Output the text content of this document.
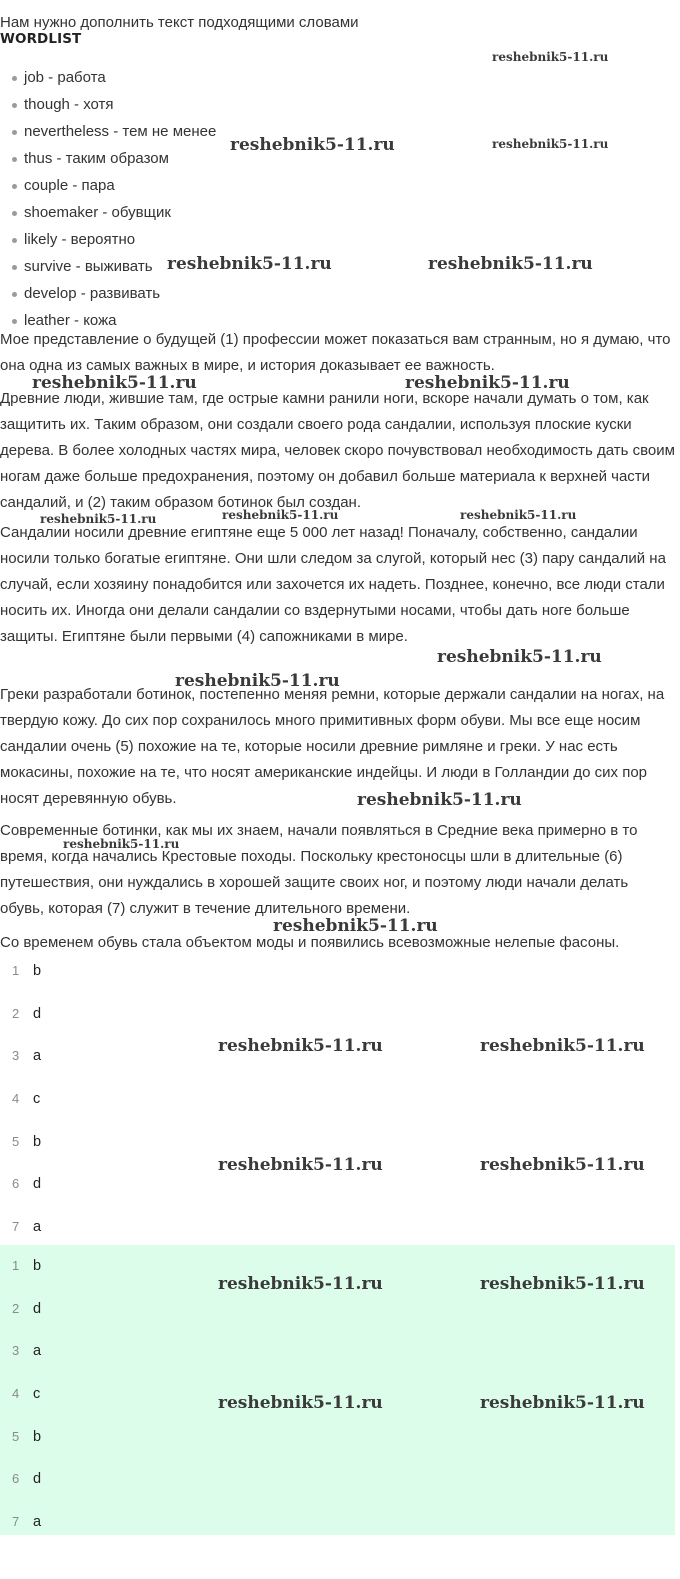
Нам нужно дополнить текст подходящими словами
WORDLIST
job - работа
though - хотя
nevertheless - тем не менее
thus - таким образом
couple - пара
shoemaker - обувщик
likely - вероятно
survive - выживать
develop - развивать
leather - кожа
Мое представление о будущей (1) профессии может показаться вам странным, но я думаю, что она одна из самых важных в мире, и история доказывает ее важность.
Древние люди, жившие там, где острые камни ранили ноги, вскоре начали думать о том, как защитить их. Таким образом, они создали своего рода сандалии, используя плоские куски дерева. В более холодных частях мира, человек скоро почувствовал необходимость дать своим ногам даже больше предохранения, поэтому он добавил больше материала к верхней части сандалий, и (2) таким образом ботинок был создан.
Сандалии носили древние египтяне еще 5 000 лет назад! Поначалу, собственно, сандалии носили только богатые египтяне. Они шли следом за слугой, который нес (3) пару сандалий на случай, если хозяину понадобится или захочется их надеть. Позднее, конечно, все люди стали носить их. Иногда они делали сандалии со вздернутыми носами, чтобы дать ноге больше защиты. Египтяне были первыми (4) сапожниками в мире.
Греки разработали ботинок, постепенно меняя ремни, которые держали сандалии на ногах, на твердую кожу. До сих пор сохранилось много примитивных форм обуви. Мы все еще носим сандалии очень (5) похожие на те, которые носили древние римляне и греки. У нас есть мокасины, похожие на те, что носят американские индейцы. И люди в Голландии до сих пор носят деревянную обувь.
Современные ботинки, как мы их знаем, начали появляться в Средние века примерно в то время, когда начались Крестовые походы. Поскольку крестоносцы шли в длительные (6) путешествия, они нуждались в хорошей защите своих ног, и поэтому люди начали делать обувь, которая (7) служит в течение длительного времени.
Со временем обувь стала объектом моды и появились всевозможные нелепые фасоны.
1 b
2 d
3 a
4 c
5 b
6 d
7 a
1 b
2 d
3 a
4 c
5 b
6 d
7 a
reshebnik5-11.ru
reshebnik5-11.ru	reshebnik5-11.ru
reshebnik5-11.ru	reshebnik5-11.ru
reshebnik5-11.ru	reshebnik5-11.ru
reshebnik5-11.ru	reshebnik5-11.ru	reshebnik5-11.ru
reshebnik5-11.ru
reshebnik5-11.ru
reshebnik5-11.ru
reshebnik5-11.ru
reshebnik5-11.ru
reshebnik5-11.ru	reshebnik5-11.ru
reshebnik5-11.ru	reshebnik5-11.ru
reshebnik5-11.ru	reshebnik5-11.ru
reshebnik5-11.ru	reshebnik5-11.ru
